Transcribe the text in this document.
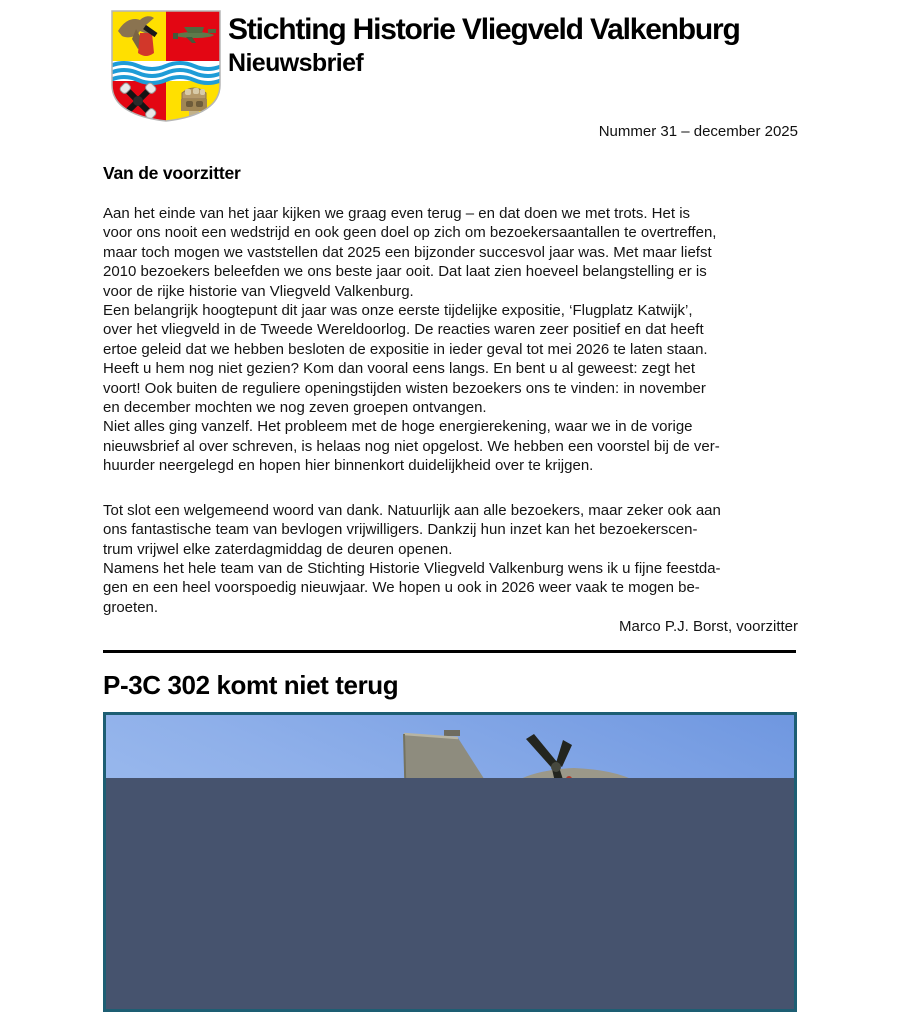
Stichting Historie Vliegveld Valkenburg
Nieuwsbrief
Nummer 31 – december 2025
Van de voorzitter
Aan het einde van het jaar kijken we graag even terug – en dat doen we met trots. Het is
voor ons nooit een wedstrijd en ook geen doel op zich om bezoekersaantallen te overtreffen,
maar toch mogen we vaststellen dat 2025 een bijzonder succesvol jaar was. Met maar liefst
2010 bezoekers beleefden we ons beste jaar ooit. Dat laat zien hoeveel belangstelling er is
voor de rijke historie van Vliegveld Valkenburg.
Een belangrijk hoogtepunt dit jaar was onze eerste tijdelijke expositie, ‘Flugplatz Katwijk’,
over het vliegveld in de Tweede Wereldoorlog. De reacties waren zeer positief en dat heeft
ertoe geleid dat we hebben besloten de expositie in ieder geval tot mei 2026 te laten staan.
Heeft u hem nog niet gezien? Kom dan vooral eens langs. En bent u al geweest: zegt het
voort! Ook buiten de reguliere openingstijden wisten bezoekers ons te vinden: in november
en december mochten we nog zeven groepen ontvangen.
Niet alles ging vanzelf. Het probleem met de hoge energierekening, waar we in de vorige
nieuwsbrief al over schreven, is helaas nog niet opgelost. We hebben een voorstel bij de ver-
huurder neergelegd en hopen hier binnenkort duidelijkheid over te krijgen.
Tot slot een welgemeend woord van dank. Natuurlijk aan alle bezoekers, maar zeker ook aan
ons fantastische team van bevlogen vrijwilligers. Dankzij hun inzet kan het bezoekerscen-
trum vrijwel elke zaterdagmiddag de deuren openen.
Namens het hele team van de Stichting Historie Vliegveld Valkenburg wens ik u fijne feestda-
gen en een heel voorspoedig nieuwjaar. We hopen u ook in 2026 weer vaak te mogen be-
groeten.
Marco P.J. Borst, voorzitter
P-3C 302 komt niet terug
